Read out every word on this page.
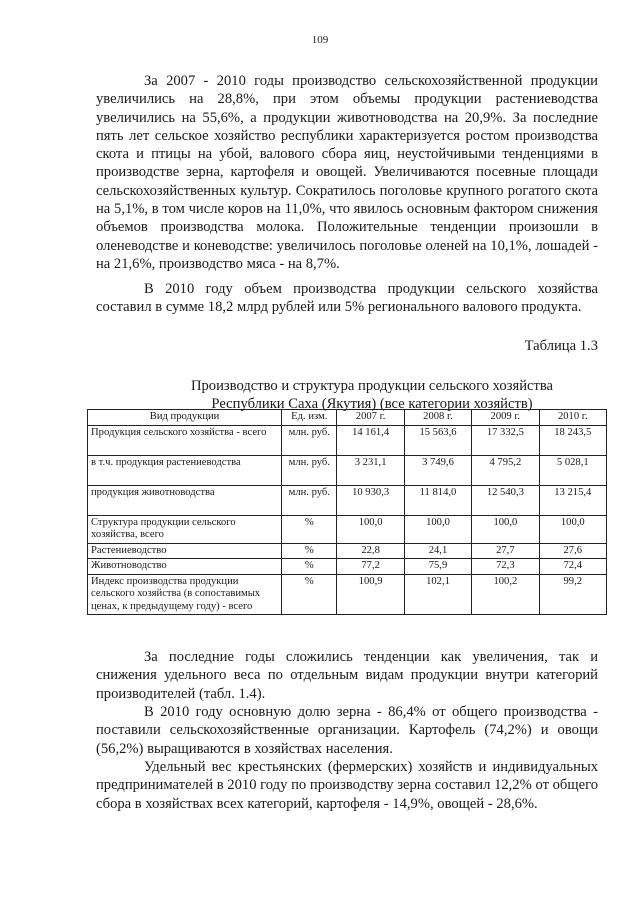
109

За 2007 - 2010 годы производство сельскохозяйственной продукции увеличились на 28,8%, при этом объемы продукции растениеводства увеличились на 55,6%, а продукции животноводства на 20,9%. За последние пять лет сельское хозяйство республики характеризуется ростом производства скота и птицы на убой, валового сбора яиц, неустойчивыми тенденциями в производстве зерна, картофеля и овощей. Увеличиваются посевные площади сельскохозяйственных культур. Сократилось поголовье крупного рогатого скота на 5,1%, в том числе коров на 11,0%, что явилось основным фактором снижения объемов производства молока. Положительные тенденции произошли в оленеводстве и коневодстве: увеличилось поголовье оленей на 10,1%, лошадей - на 21,6%, производство мяса - на 8,7%.

В 2010 году объем производства продукции сельского хозяйства составил в сумме 18,2 млрд рублей или 5% регионального валового продукта.

Таблица 1.3
Производство и структура продукции сельского хозяйства
Республики Саха (Якутия) (все категории хозяйств)
Вид продукции	Ед. изм.	2007 г.	2008 г.	2009 г.	2010 г.
Продукция сельского хозяйства - всего	млн. руб.	14 161,4	15 563,6	17 332,5	18 243,5
в т.ч. продукция растениеводства	млн. руб.	3 231,1	3 749,6	4 795,2	5 028,1
продукция животноводства	млн. руб.	10 930,3	11 814,0	12 540,3	13 215,4
Структура продукции сельского хозяйства, всего	%	100,0	100,0	100,0	100,0
Растениеводство	%	22,8	24,1	27,7	27,6
Животноводство	%	77,2	75,9	72,3	72,4
Индекс производства продукции сельского хозяйства (в сопоставимых ценах, к предыдущему году) - всего	%	100,9	102,1	100,2	99,2

За последние годы сложились тенденции как увеличения, так и снижения удельного веса по отдельным видам продукции внутри категорий производителей (табл. 1.4).

В 2010 году основную долю зерна - 86,4% от общего производства - поставили сельскохозяйственные организации. Картофель (74,2%) и овощи (56,2%) выращиваются в хозяйствах населения.

Удельный вес крестьянских (фермерских) хозяйств и индивидуальных предпринимателей в 2010 году по производству зерна составил 12,2% от общего сбора в хозяйствах всех категорий, картофеля - 14,9%, овощей - 28,6%.
